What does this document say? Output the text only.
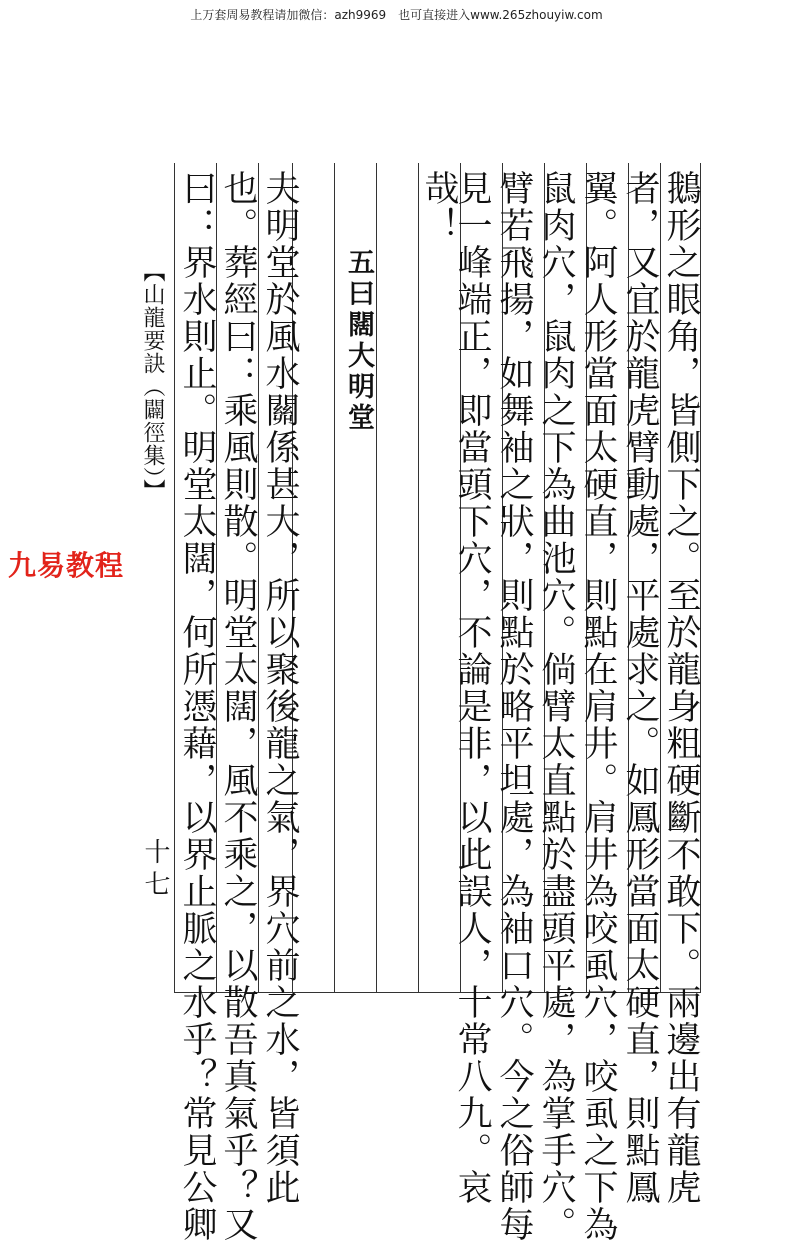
上万套周易教程请加微信：azh9969　也可直接进入www.265zhouyiw.com
鵝形之眼角，皆側下之。至於龍身粗硬斷不敢下。兩邊出有龍虎
者，又宜於龍虎臂動處，平處求之。如鳳形當面太硬直，則點鳳
翼。阿人形當面太硬直，則點在肩井。肩井為咬虱穴，咬虱之下為
鼠肉穴，鼠肉之下為曲池穴。倘臂太直點於盡頭平處，為掌手穴。
臂若飛揚，如舞袖之狀，則點於略平坦處，為袖口穴。今之俗師每
見一峰端正，即當頭下穴，不論是非，以此誤人，十常八九。哀
哉！
五曰闊大明堂
夫明堂於風水關係甚大，所以聚後龍之氣，界穴前之水，皆須此
也。葬經曰：乘風則散。明堂太闊，風不乘之，以散吾真氣乎？又
曰：界水則止。明堂太闊，何所憑藉，以界止脈之水乎？常見公卿
【山龍要訣（闢徑集）】
十七
九易教程
